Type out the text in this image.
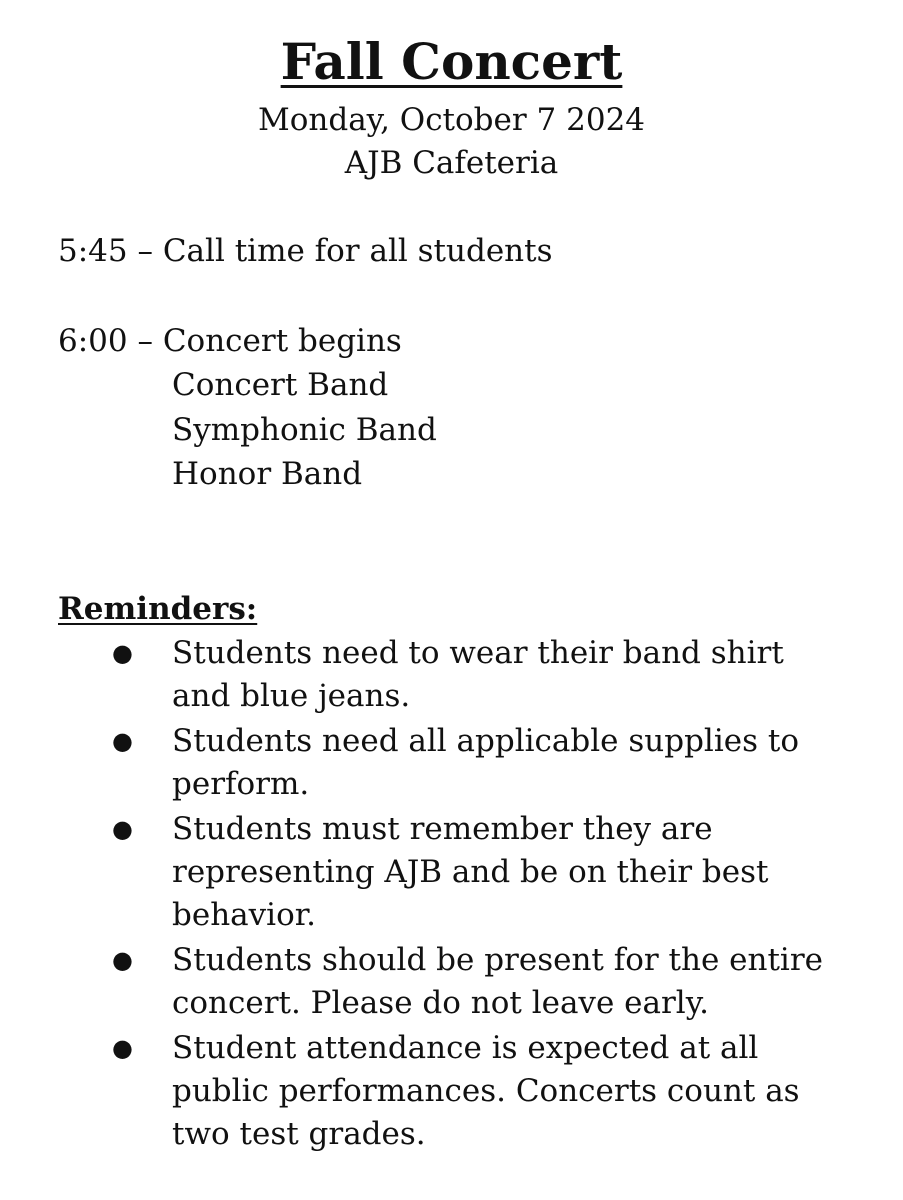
Fall Concert
Monday, October 7 2024
AJB Cafeteria
5:45 – Call time for all students
6:00 – Concert begins
Concert Band
Symphonic Band
Honor Band
Reminders:
● Students need to wear their band shirt and blue jeans.
● Students need all applicable supplies to perform.
● Students must remember they are representing AJB and be on their best behavior.
● Students should be present for the entire concert. Please do not leave early.
● Student attendance is expected at all public performances. Concerts count as two test grades.
